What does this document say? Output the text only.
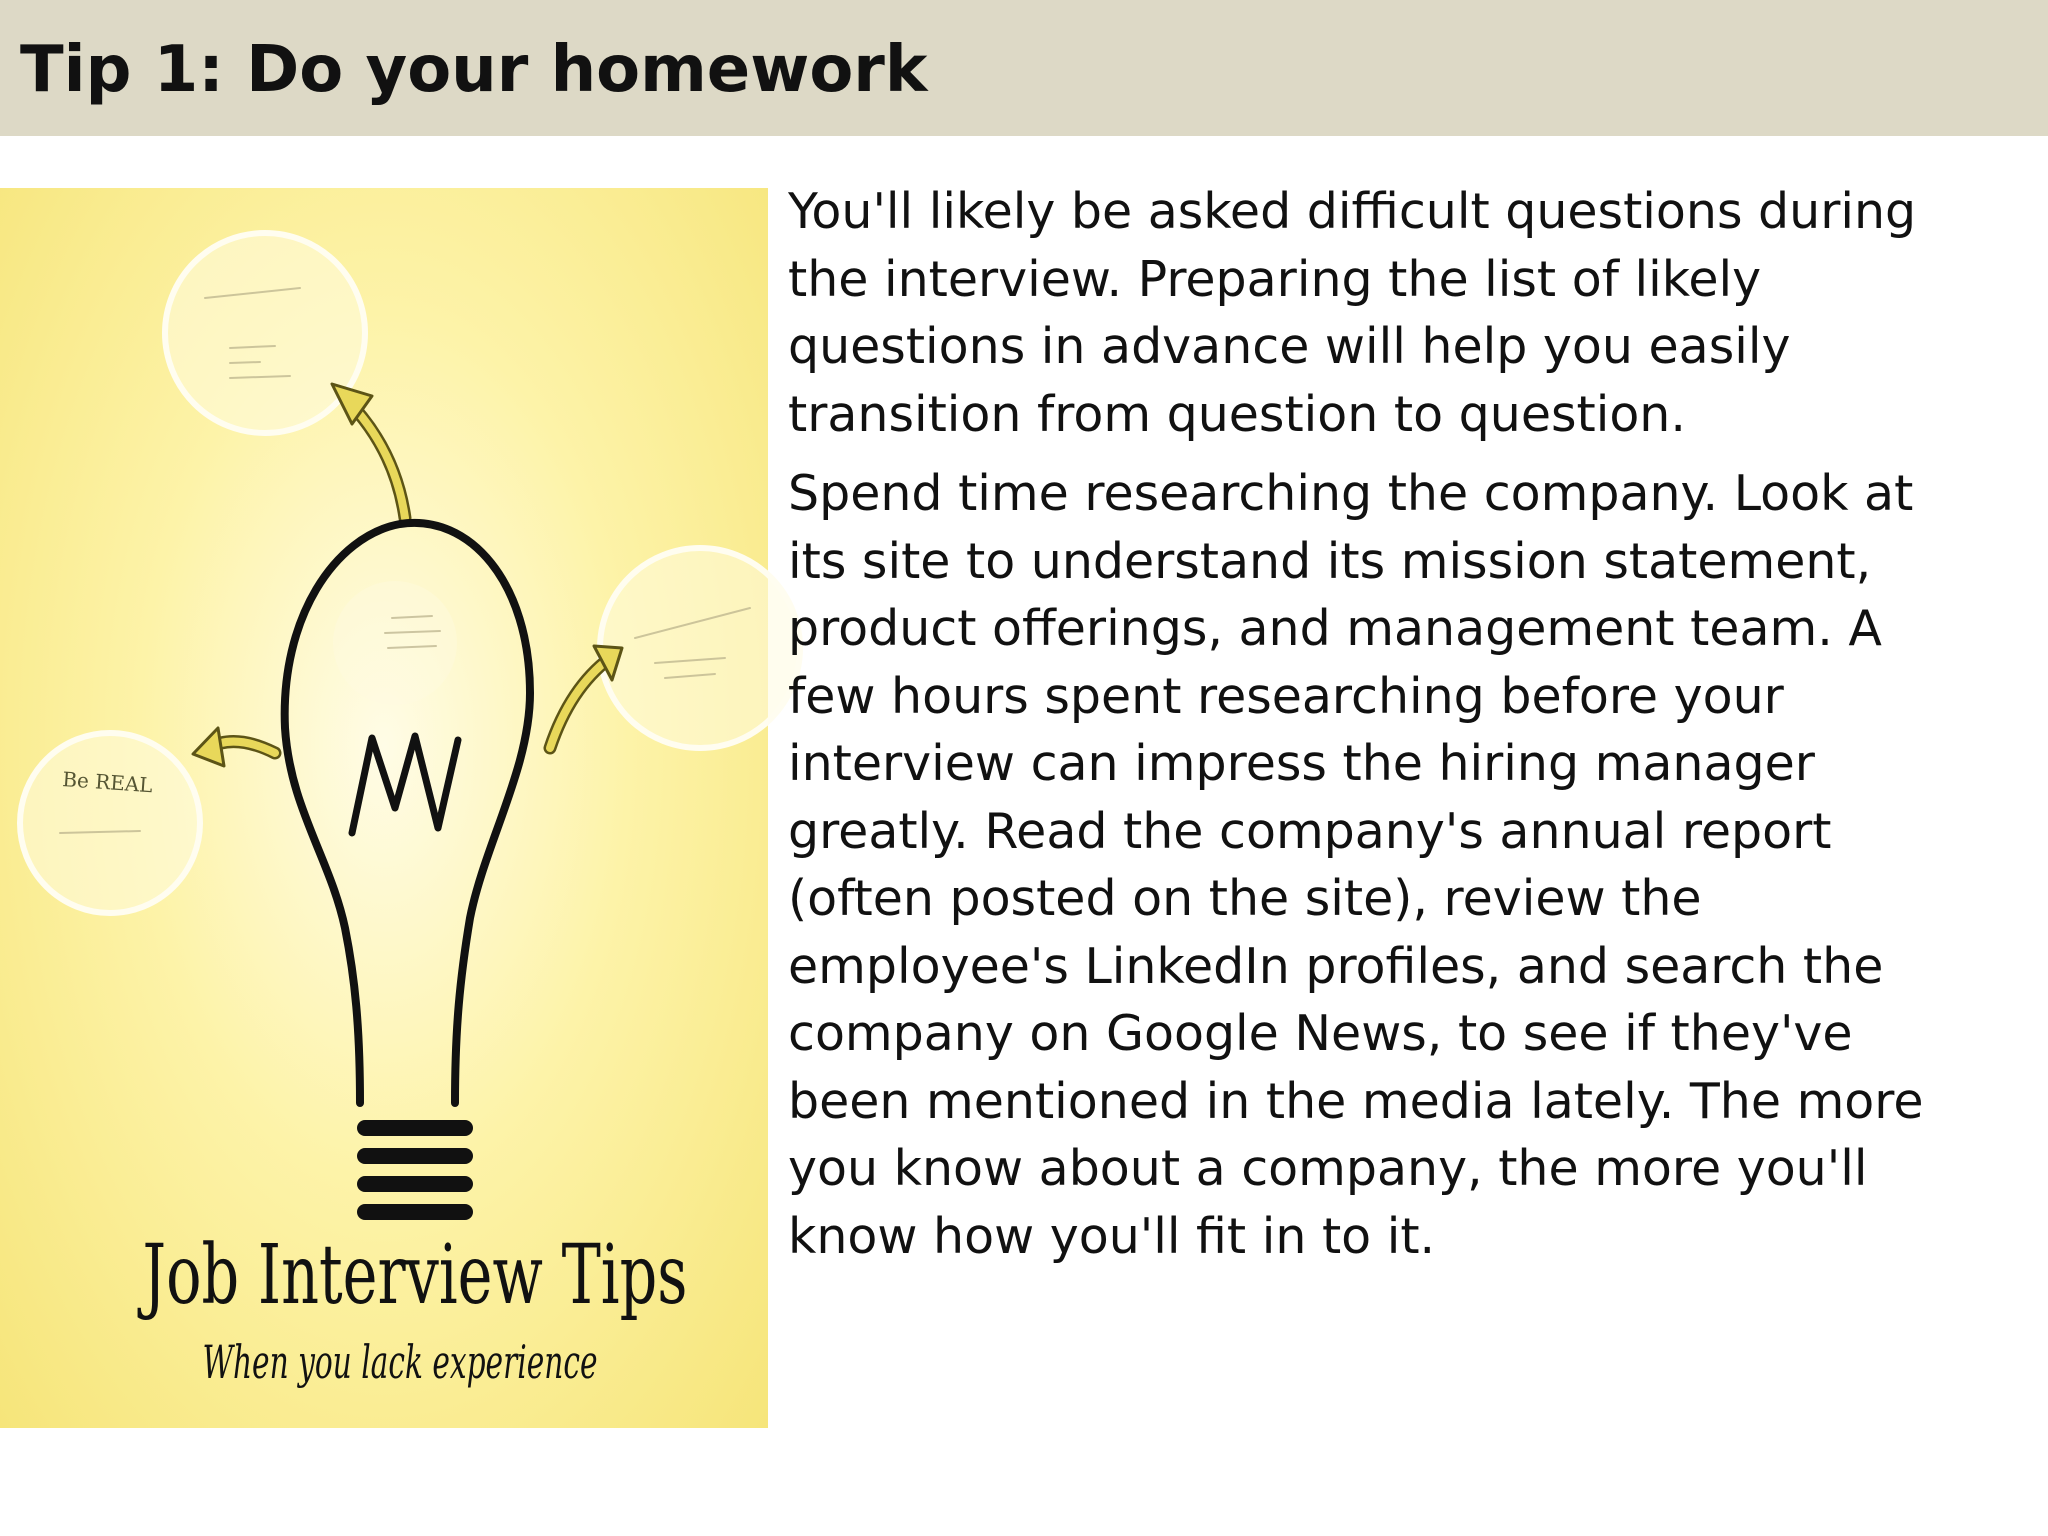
Tip 1: Do your homework
Be REAL
Job Interview Tips
When you lack experience

You'll likely be asked difficult questions during the interview. Preparing the list of likely questions in advance will help you easily transition from question to question.

Spend time researching the company. Look at its site to understand its mission statement, product offerings, and management team. A few hours spent researching before your interview can impress the hiring manager greatly. Read the company's annual report (often posted on the site), review the employee's LinkedIn profiles, and search the company on Google News, to see if they've been mentioned in the media lately. The more you know about a company, the more you'll know how you'll fit in to it.
